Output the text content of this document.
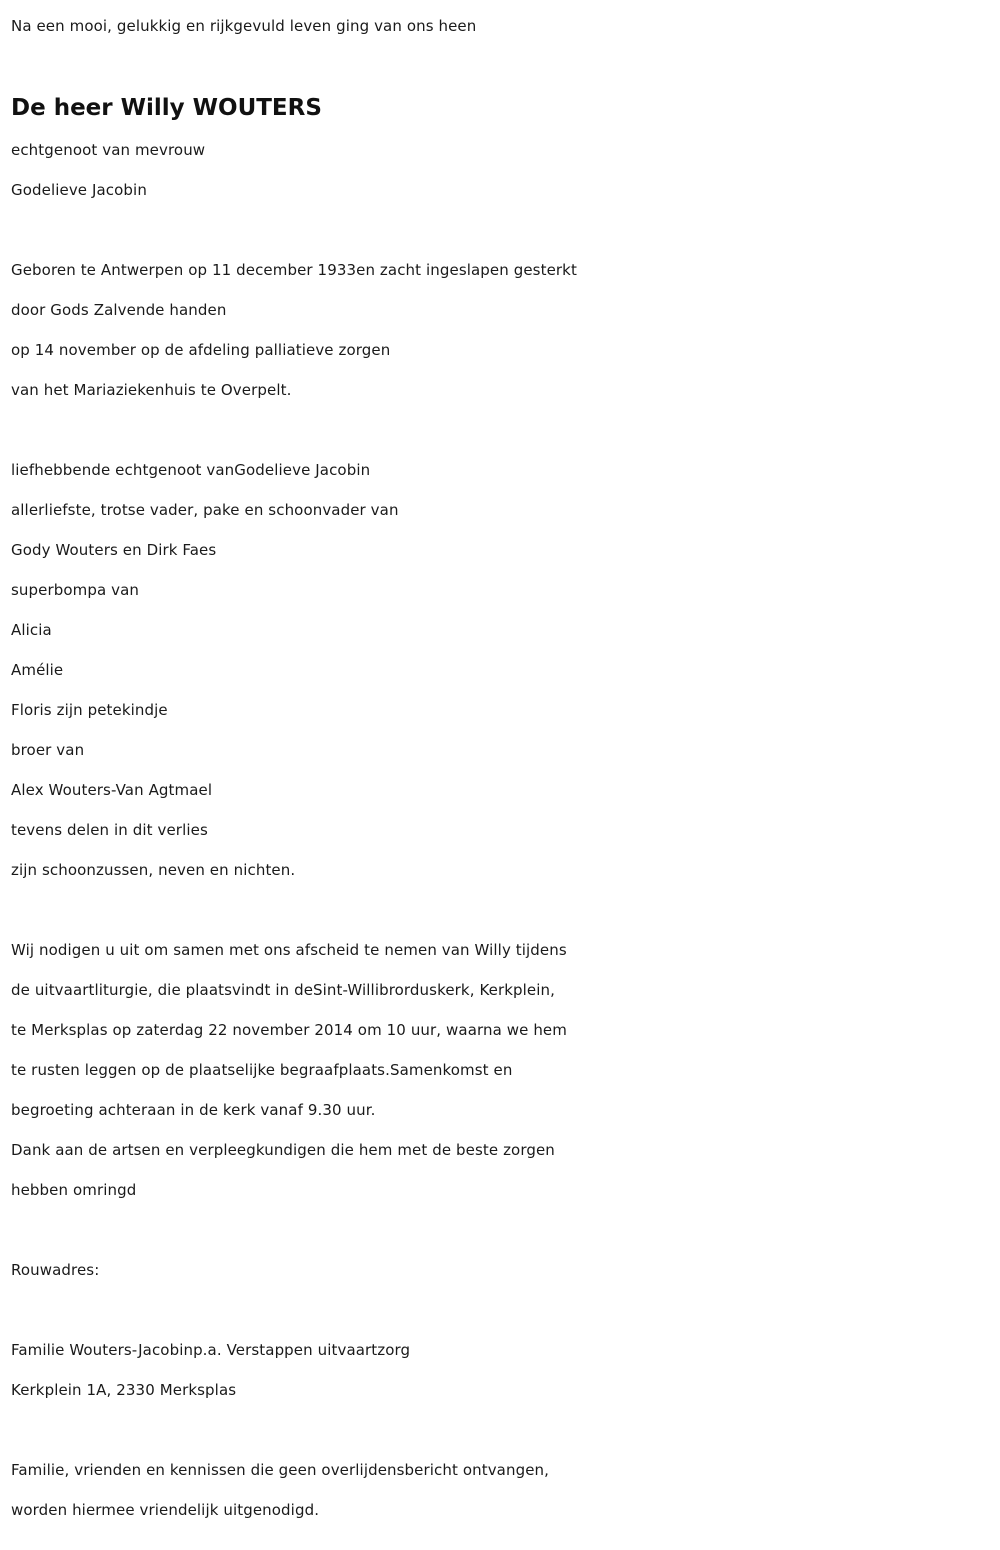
Na een mooi, gelukkig en rijkgevuld leven ging van ons heen
De heer Willy WOUTERS
echtgenoot van mevrouw
Godelieve Jacobin
Geboren te Antwerpen op 11 december 1933en zacht ingeslapen gesterkt
door Gods Zalvende handen
op 14 november op de afdeling palliatieve zorgen
van het Mariaziekenhuis te Overpelt.
liefhebbende echtgenoot vanGodelieve Jacobin
allerliefste, trotse vader, pake en schoonvader van
Gody Wouters en Dirk Faes
superbompa van
Alicia
Amélie
Floris zijn petekindje
broer van
Alex Wouters-Van Agtmael
tevens delen in dit verlies
zijn schoonzussen, neven en nichten.
Wij nodigen u uit om samen met ons afscheid te nemen van Willy tijdens
de uitvaartliturgie, die plaatsvindt in deSint-Willibrorduskerk, Kerkplein,
te Merksplas op zaterdag 22 november 2014 om 10 uur, waarna we hem
te rusten leggen op de plaatselijke begraafplaats.Samenkomst en
begroeting achteraan in de kerk vanaf 9.30 uur.
Dank aan de artsen en verpleegkundigen die hem met de beste zorgen
hebben omringd
Rouwadres:
Familie Wouters-Jacobinp.a. Verstappen uitvaartzorg
Kerkplein 1A, 2330 Merksplas
Familie, vrienden en kennissen die geen overlijdensbericht ontvangen,
worden hiermee vriendelijk uitgenodigd.
